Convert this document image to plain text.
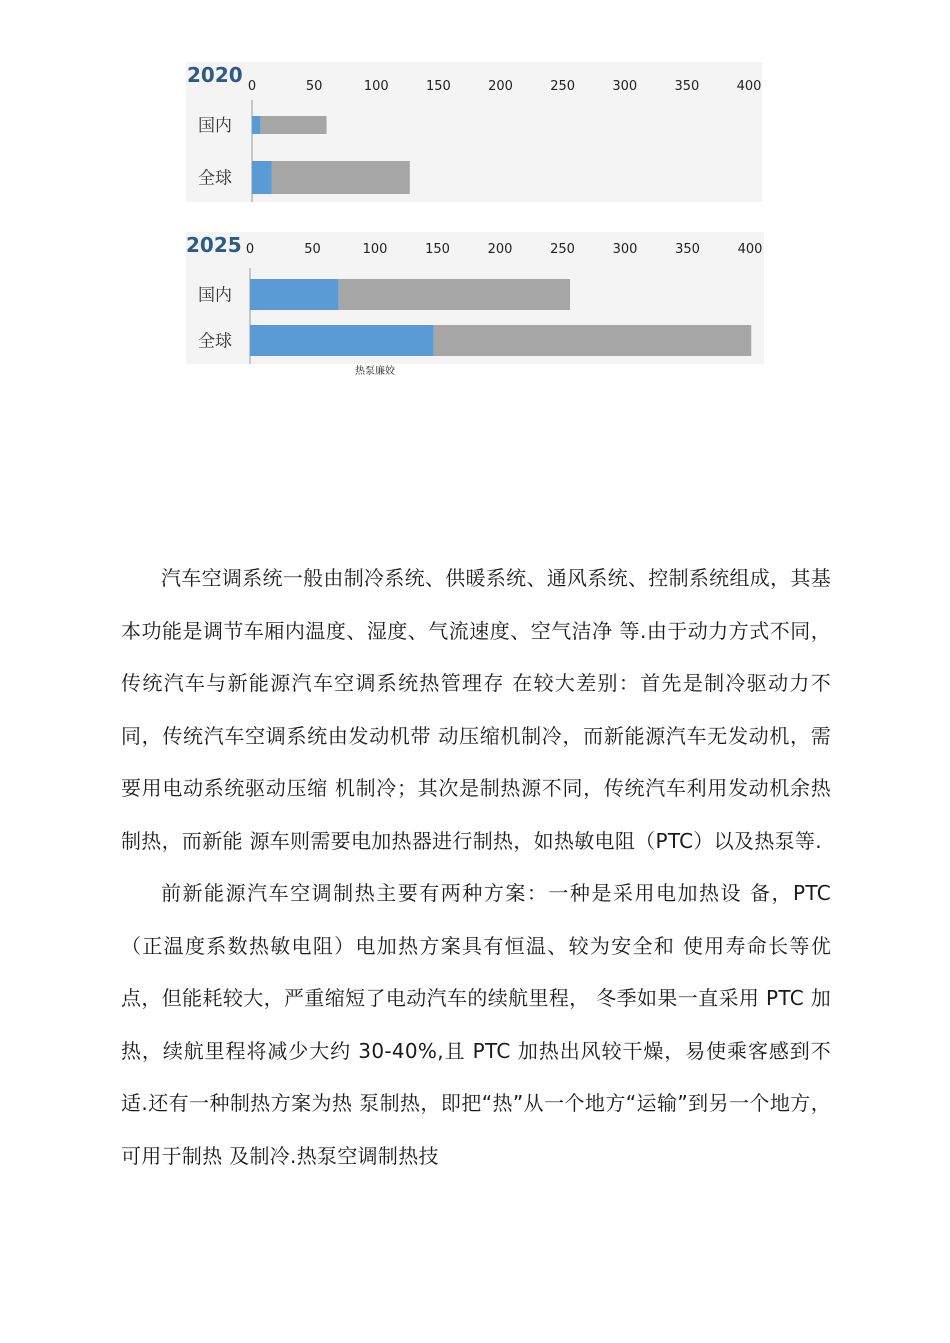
2020 0	50	100	150	200	250	300	350	400
国内
全球
2025 0	50	100	150	200	250	300	350	400
国内
全球
热泵廉姣

汽车空调系统一般由制冷系统、供暖系统、通风系统、控制系统组成，其基本功能是调节车厢内温度、湿度、气流速度、空气洁净 等.由于动力方式不同，传统汽车与新能源汽车空调系统热管理存 在较大差别：首先是制冷驱动力不同，传统汽车空调系统由发动机带 动压缩机制冷，而新能源汽车无发动机，需要用电动系统驱动压缩 机制冷；其次是制热源不同，传统汽车利用发动机余热制热，而新能 源车则需要电加热器进行制热，如热敏电阻（PTC）以及热泵等.

前新能源汽车空调制热主要有两种方案：一种是采用电加热设 备，PTC （正温度系数热敏电阻）电加热方案具有恒温、较为安全和 使用寿命长等优点，但能耗较大，严重缩短了电动汽车的续航里程， 冬季如果一直采用 PTC 加热，续航里程将减少大约 30-40%,且 PTC 加热出风较干燥，易使乘客感到不适.还有一种制热方案为热 泵制热，即把“热”从一个地方“运输”到另一个地方，可用于制热 及制冷.热泵空调制热技
